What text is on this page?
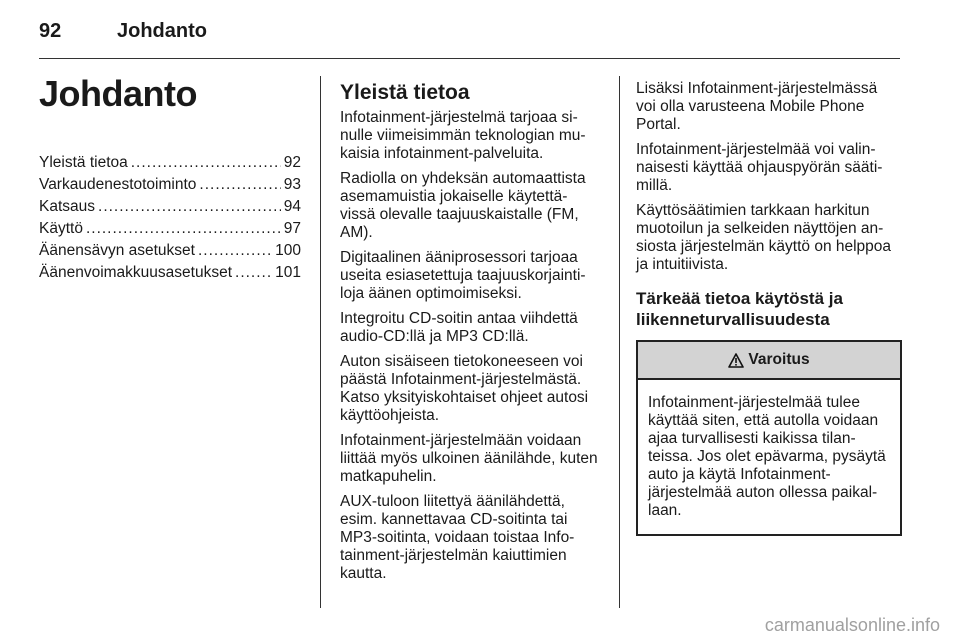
92	Johdanto
Johdanto
Yleistä tietoa .....	92
Varkaudenestotoiminto .....	93
Katsaus .....	94
Käyttö .....	97
Äänensävyn asetukset .....	100
Äänenvoimakkuusasetukset .....	101
Yleistä tietoa

Infotainment-järjestelmä tarjoaa si-
nulle viimeisimmän teknologian mu-
kaisia infotainment-palveluita.

Radiolla on yhdeksän automaattista
asemamuistia jokaiselle käytettä-
vissä olevalle taajuuskaistalle (FM,
AM).

Digitaalinen ääniprosessori tarjoaa
useita esiasetettuja taajuuskorjainti-
loja äänen optimoimiseksi.

Integroitu CD-soitin antaa viihdettä
audio-CD:llä ja MP3 CD:llä.

Auton sisäiseen tietokoneeseen voi
päästä Infotainment-järjestelmästä.
Katso yksityiskohtaiset ohjeet autosi
käyttöohjeista.

Infotainment-järjestelmään voidaan
liittää myös ulkoinen äänilähde, kuten
matkapuhelin.

AUX-tuloon liitettyä äänilähdettä,
esim. kannettavaa CD-soitinta tai
MP3-soitinta, voidaan toistaa Info-
tainment-järjestelmän kaiuttimien
kautta.

Lisäksi Infotainment-järjestelmässä
voi olla varusteena Mobile Phone
Portal.

Infotainment-järjestelmää voi valin-
naisesti käyttää ohjauspyörän sääti-
millä.

Käyttösäätimien tarkkaan harkitun
muotoilun ja selkeiden näyttöjen an-
siosta järjestelmän käyttö on helppoa
ja intuitiivista.

Tärkeää tietoa käytöstä ja
liikenneturvallisuudesta
Varoitus
Infotainment-järjestelmää tulee
käyttää siten, että autolla voidaan
ajaa turvallisesti kaikissa tilan-
teissa. Jos olet epävarma, pysäytä
auto ja käytä Infotainment-
järjestelmää auton ollessa paikal-
laan.
carmanualsonline.info
